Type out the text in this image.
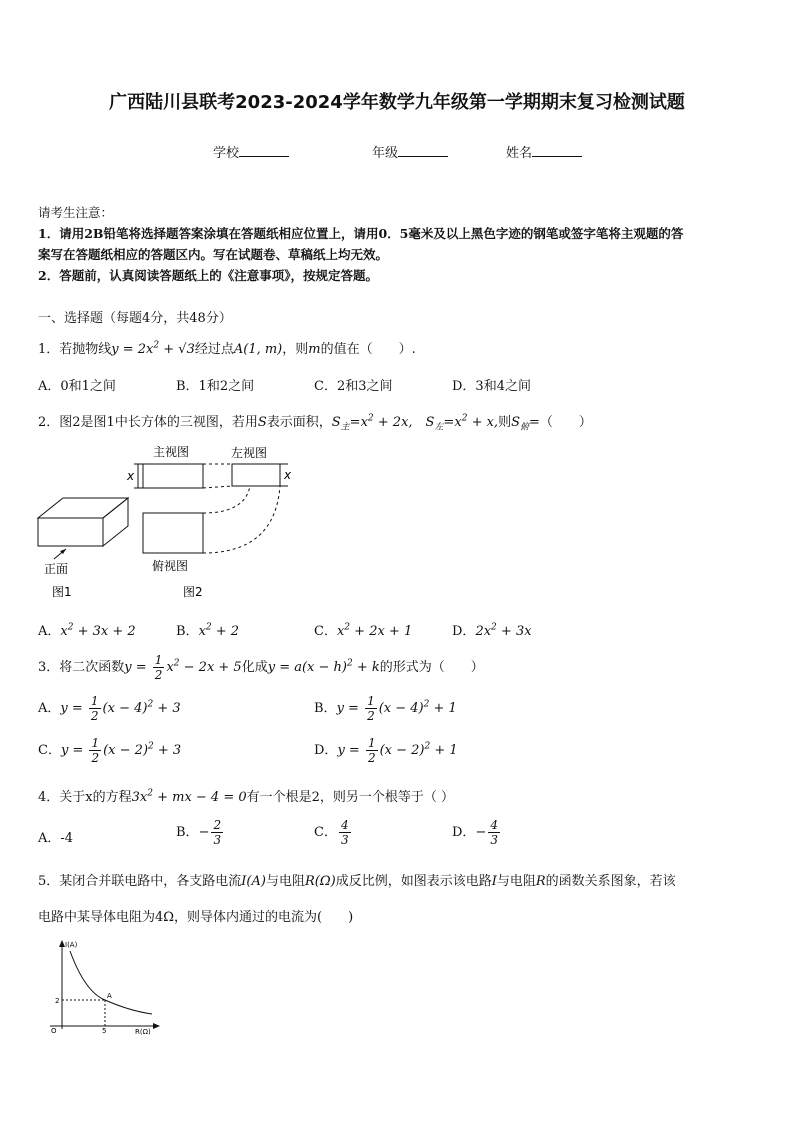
广西陆川县联考2023-2024学年数学九年级第一学期期末复习检测试题
学校	年级	姓名
请考生注意：
1．请用2B铅笔将选择题答案涂填在答题纸相应位置上，请用0．5毫米及以上黑色字迹的钢笔或签字笔将主观题的答
案写在答题纸相应的答题区内。写在试题卷、草稿纸上均无效。
2．答题前，认真阅读答题纸上的《注意事项》，按规定答题。
一、选择题（每题4分，共48分）
1．若抛物线$y = 2x^2 + √3$经过点A(1, m)，则m的值在（　　）.
A．0和1之间	B．1和2之间	C．2和3之间	D．3和4之间
2．图2是图1中长方体的三视图，若用S表示面积，$S_主=x^2 + 2x$,　$S_左=x^2 + x$,则$S_俯=$（　　）
正面
图1
主视图
x
左视图
x
俯视图
图2
A．$x^2 + 3x + 2$	B．$x^2 + 2$	C．$x^2 + 2x + 1$	D．$2x^2 + 3x$
3．将二次函数$y = \frac{1}{2} x^2 - 2x + 5$化成$y = a(x - h)^2 + k$的形式为（　　）
A．$y = \frac{1}{2} (x - 4)^2 + 3$	B．$y = \frac{1}{2} (x - 4)^2 + 1$
C．$y = \frac{1}{2} (x - 2)^2 + 3$	D．$y = \frac{1}{2} (x - 2)^2 + 1$
4．关于x的方程$3x^2$ + mx − 4 = 0有一个根是2，则另一个根等于（ ）
A．-4	B．− $\frac{2}{3}$	C． $\frac{4}{3}$	D．− $\frac{4}{3}$
5．某闭合并联电路中，各支路电流I(A)与电阻R(Ω)成反比例，如图表示该电路I与电阻R的函数关系图象，若该
电路中某导体电阻为4Ω，则导体内通过的电流为(　　)
I(A)
R(Ω)
O
2
5
A
